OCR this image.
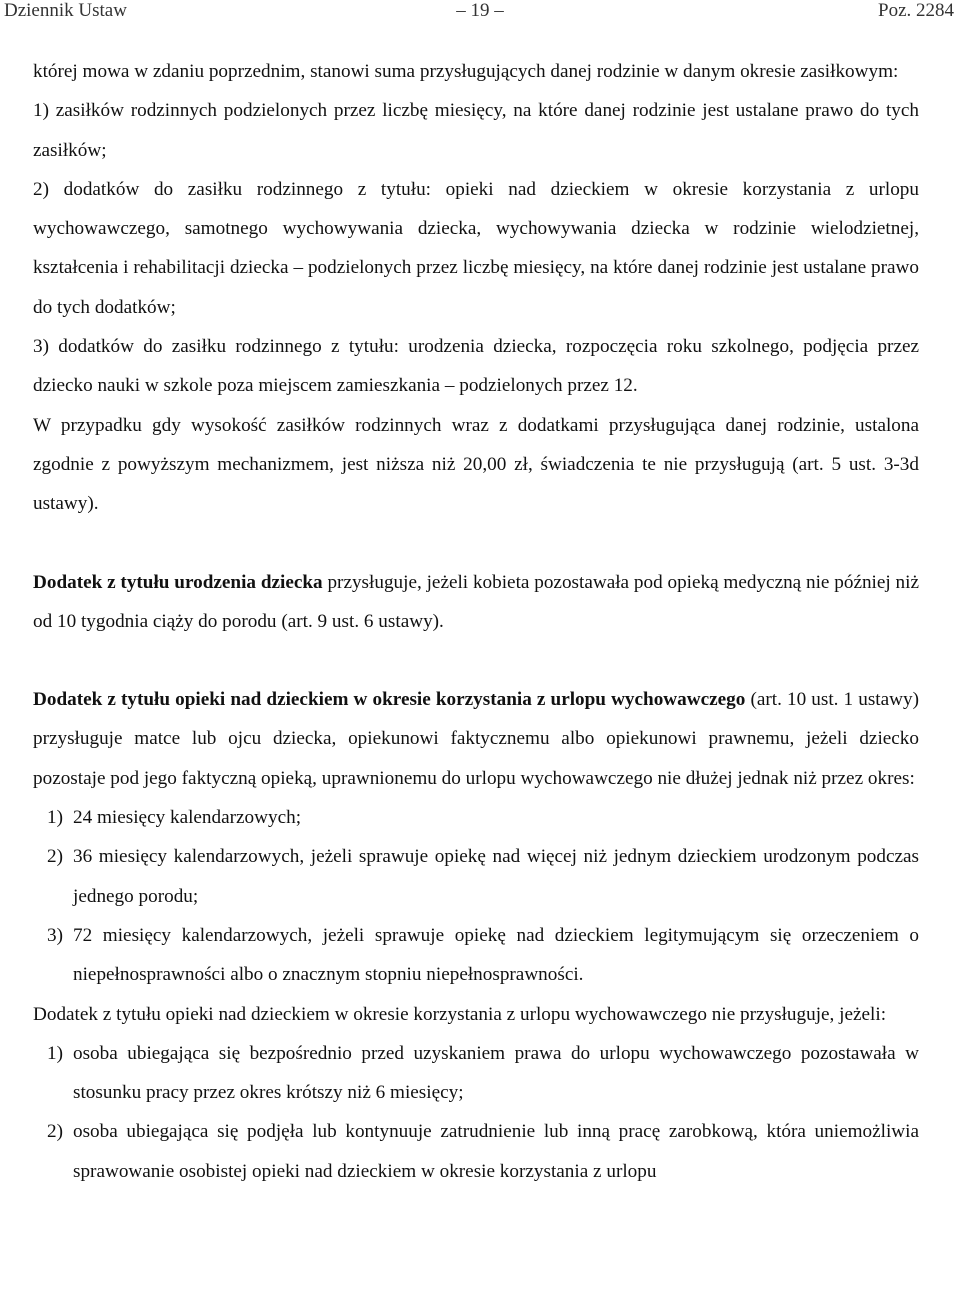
Dziennik Ustaw	– 19 –	Poz. 2284

której mowa w zdaniu poprzednim, stanowi suma przysługujących danej rodzinie w danym okresie zasiłkowym:

1) zasiłków rodzinnych podzielonych przez liczbę miesięcy, na które danej rodzinie jest ustalane prawo do tych zasiłków;

2) dodatków do zasiłku rodzinnego z tytułu: opieki nad dzieckiem w okresie korzystania z urlopu wychowawczego, samotnego wychowywania dziecka, wychowywania dziecka w rodzinie wielodzietnej, kształcenia i rehabilitacji dziecka – podzielonych przez liczbę miesięcy, na które danej rodzinie jest ustalane prawo do tych dodatków;

3) dodatków do zasiłku rodzinnego z tytułu: urodzenia dziecka, rozpoczęcia roku szkolnego, podjęcia przez dziecko nauki w szkole poza miejscem zamieszkania – podzielonych przez 12.

W przypadku gdy wysokość zasiłków rodzinnych wraz z dodatkami przysługująca danej rodzinie, ustalona zgodnie z powyższym mechanizmem, jest niższa niż 20,00 zł, świadczenia te nie przysługują (art. 5 ust. 3-3d ustawy).

Dodatek z tytułu urodzenia dziecka przysługuje, jeżeli kobieta pozostawała pod opieką medyczną nie później niż od 10 tygodnia ciąży do porodu (art. 9 ust. 6 ustawy).

Dodatek z tytułu opieki nad dzieckiem w okresie korzystania z urlopu wychowawczego (art. 10 ust. 1 ustawy) przysługuje matce lub ojcu dziecka, opiekunowi faktycznemu albo opiekunowi prawnemu, jeżeli dziecko pozostaje pod jego faktyczną opieką, uprawnionemu do urlopu wychowawczego nie dłużej jednak niż przez okres:

1) 24 miesięcy kalendarzowych;
2) 36 miesięcy kalendarzowych, jeżeli sprawuje opiekę nad więcej niż jednym dzieckiem urodzonym podczas jednego porodu;
3) 72 miesięcy kalendarzowych, jeżeli sprawuje opiekę nad dzieckiem legitymującym się orzeczeniem o niepełnosprawności albo o znacznym stopniu niepełnosprawności.

Dodatek z tytułu opieki nad dzieckiem w okresie korzystania z urlopu wychowawczego nie przysługuje, jeżeli:

1) osoba ubiegająca się bezpośrednio przed uzyskaniem prawa do urlopu wychowawczego pozostawała w stosunku pracy przez okres krótszy niż 6 miesięcy;
2) osoba ubiegająca się podjęła lub kontynuuje zatrudnienie lub inną pracę zarobkową, która uniemożliwia sprawowanie osobistej opieki nad dzieckiem w okresie korzystania z urlopu
